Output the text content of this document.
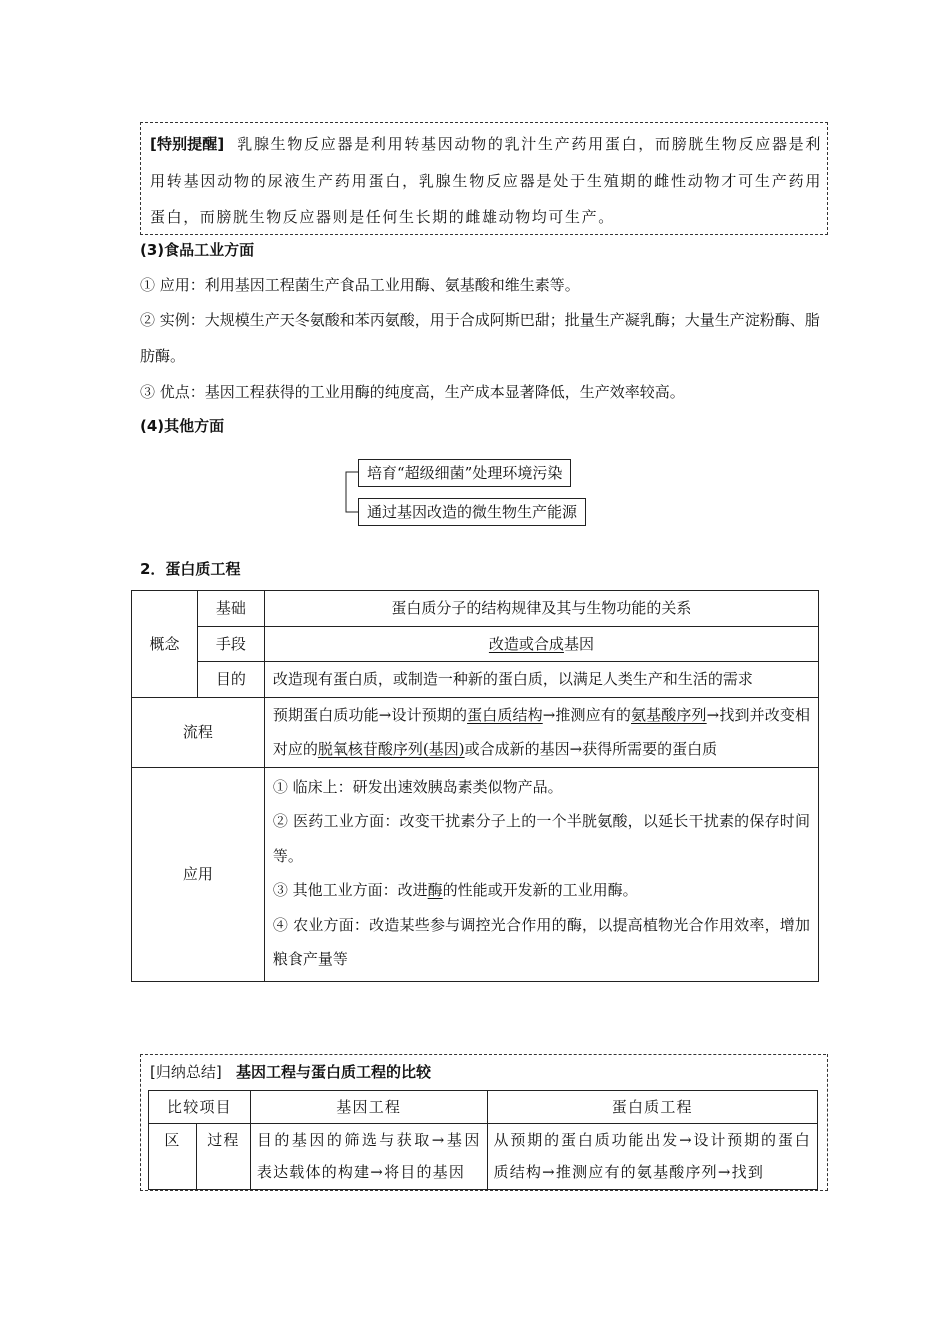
[特别提醒] 乳腺生物反应器是利用转基因动物的乳汁生产药用蛋白，而膀胱生物反应器是利用转基因动物的尿液生产药用蛋白，乳腺生物反应器是处于生殖期的雌性动物才可生产药用蛋白，而膀胱生物反应器则是任何生长期的雌雄动物均可生产。
(3)食品工业方面
① 应用：利用基因工程菌生产食品工业用酶、氨基酸和维生素等。
② 实例：大规模生产天冬氨酸和苯丙氨酸，用于合成阿斯巴甜；批量生产凝乳酶；大量生产淀粉酶、脂肪酶。
③ 优点：基因工程获得的工业用酶的纯度高，生产成本显著降低，生产效率较高。
(4)其他方面
培育“超级细菌”处理环境污染
通过基因改造的微生物生产能源
2．蛋白质工程
概念	基础	蛋白质分子的结构规律及其与生物功能的关系
	手段	改造或合成基因
	目的	改造现有蛋白质，或制造一种新的蛋白质，以满足人类生产和生活的需求
流程		预期蛋白质功能→设计预期的蛋白质结构→推测应有的氨基酸序列→找到并改变相对应的脱氧核苷酸序列(基因)或合成新的基因→获得所需要的蛋白质
应用		① 临床上：研发出速效胰岛素类似物产品。
② 医药工业方面：改变干扰素分子上的一个半胱氨酸，以延长干扰素的保存时间等。
③ 其他工业方面：改进酶的性能或开发新的工业用酶。
④ 农业方面：改造某些参与调控光合作用的酶，以提高植物光合作用效率，增加粮食产量等
[归纳总结] 基因工程与蛋白质工程的比较
比较项目		基因工程	蛋白质工程
区	过程	目的基因的筛选与获取→基因表达载体的构建→将目的基因	从预期的蛋白质功能出发→设计预期的蛋白质结构→推测应有的氨基酸序列→找到
